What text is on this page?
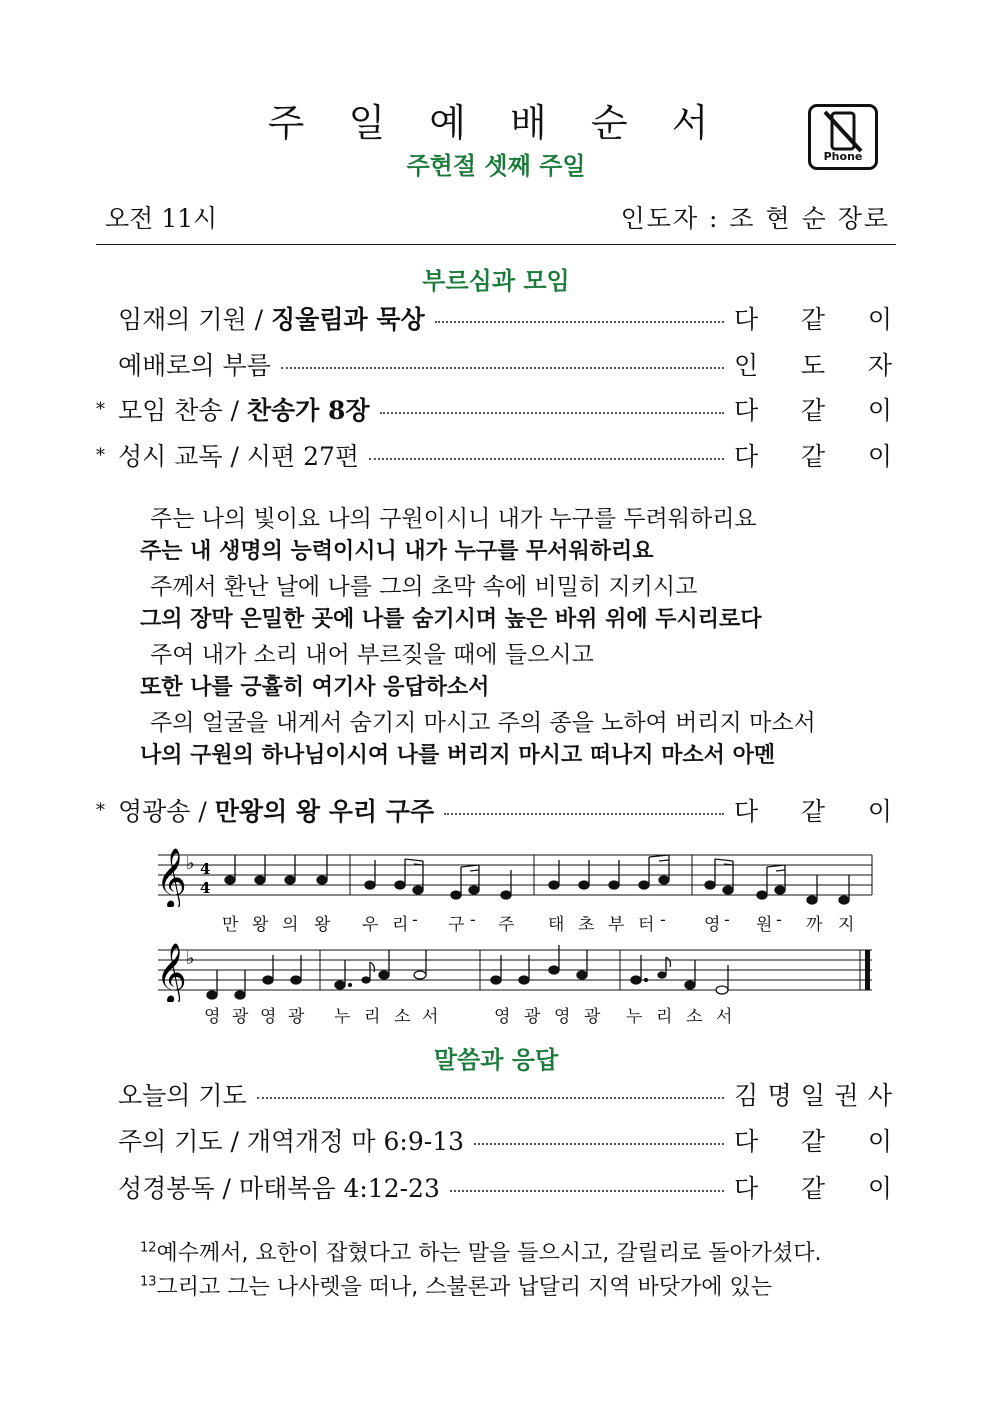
주 일 예 배 순 서
주현절 셋째 주일	Phone
오전 11시	인도자 : 조 현 순 장로
부르심과 모임
임재의 기원 / 징울림과 묵상	다 같 이
예배로의 부름	인 도 자
* 모임 찬송 / 찬송가 8장	다 같 이
* 성시 교독 / 시편 27편	다 같 이
주는 나의 빛이요 나의 구원이시니 내가 누구를 두려워하리요
주는 내 생명의 능력이시니 내가 누구를 무서워하리요
주께서 환난 날에 나를 그의 초막 속에 비밀히 지키시고
그의 장막 은밀한 곳에 나를 숨기시며 높은 바위 위에 두시리로다
주여 내가 소리 내어 부르짖을 때에 들으시고
또한 나를 긍휼히 여기사 응답하소서
주의 얼굴을 내게서 숨기지 마시고 주의 종을 노하여 버리지 마소서
나의 구원의 하나님이시여 나를 버리지 마시고 떠나지 마소서 아멘
* 영광송 / 만왕의 왕 우리 구주	다 같 이
𝄞 ♭ 4
4
만 왕 의 왕 우 리 - 구 - 주 태 초 부 터 - 영 - 원 - 까 지
𝄞 ♭
영 광 영 광 누 리 소 서	영 광 영 광 누 리 소 서
말씀과 응답
오늘의 기도	김 명 일 권 사
주의 기도 / 개역개정 마 6:9-13	다 같 이
성경봉독 / 마태복음 4:12-23	다 같 이
$^{12}$예수께서, 요한이 잡혔다고 하는 말을 들으시고, 갈릴리로 돌아가셨다.
$^{13}$그리고 그는 나사렛을 떠나, 스불론과 납달리 지역 바닷가에 있는
